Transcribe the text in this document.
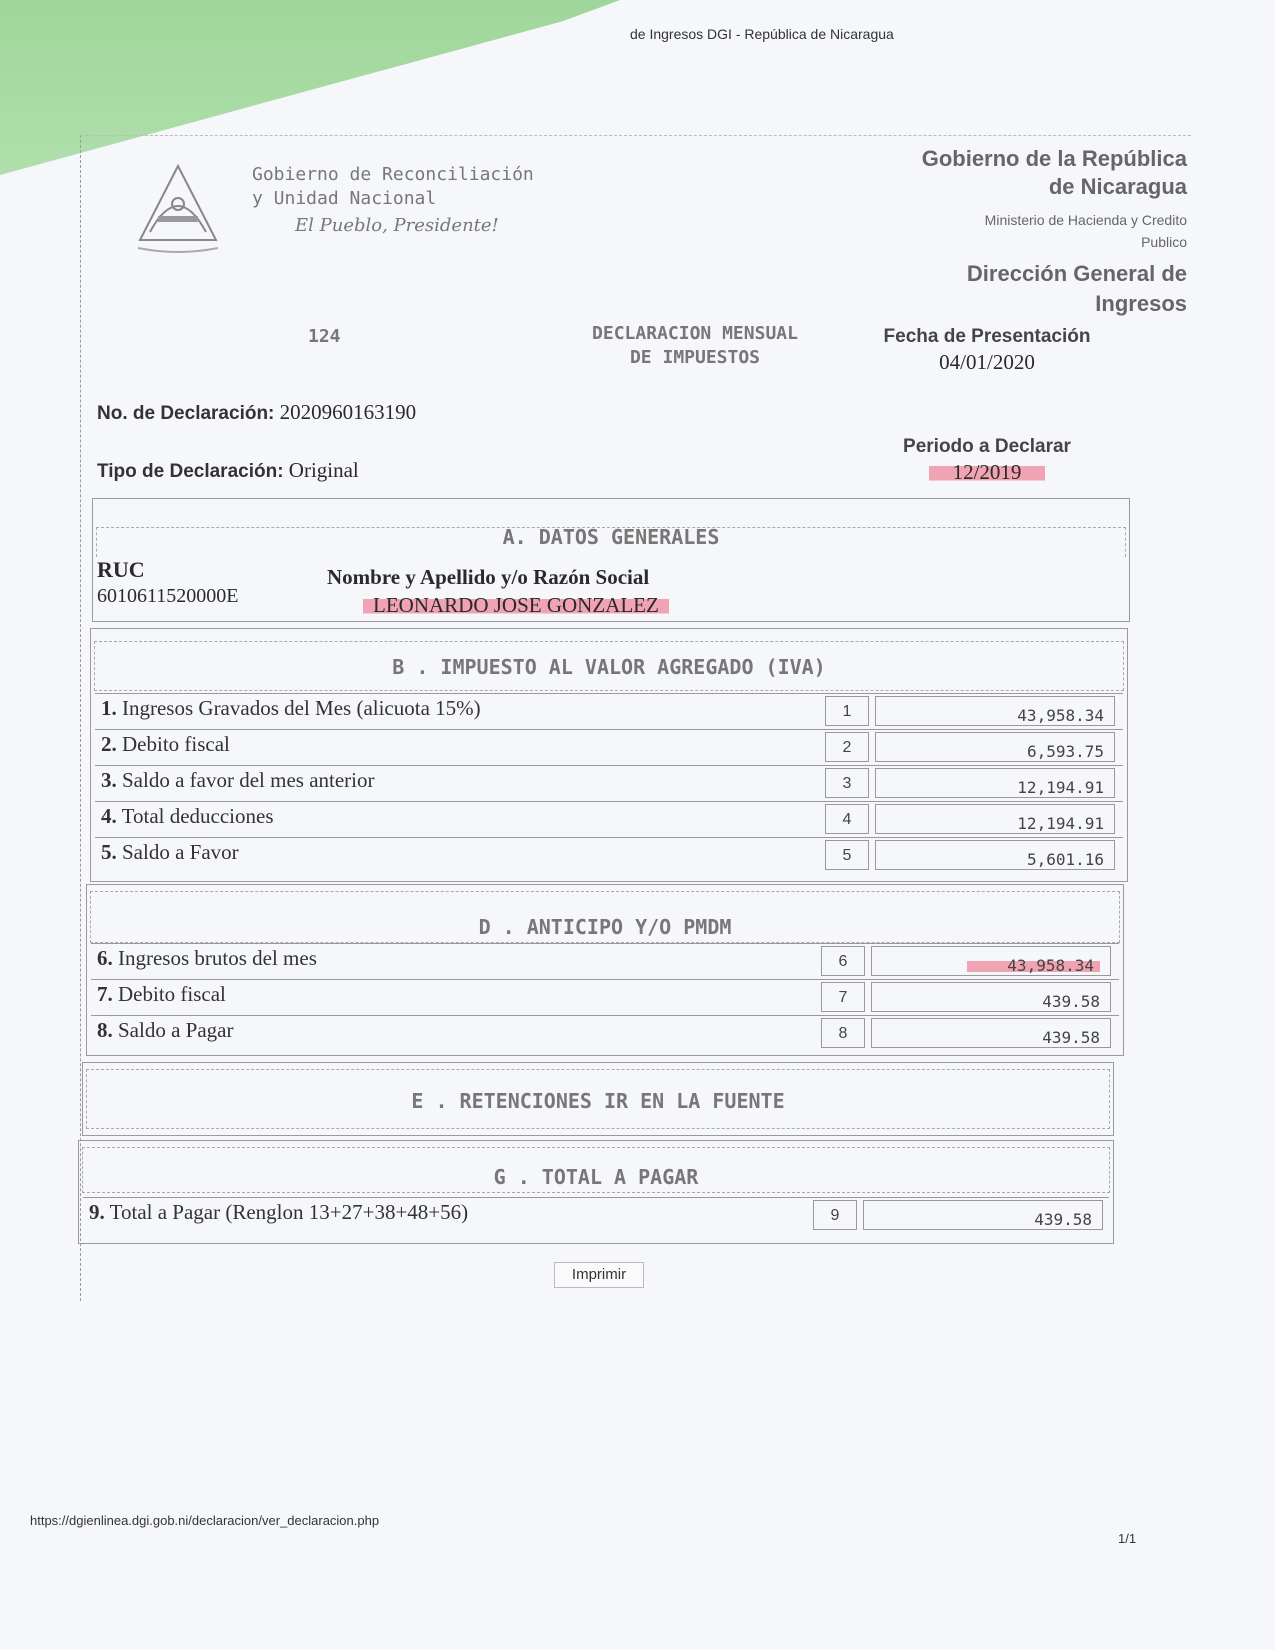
de Ingresos DGI - República de Nicaragua
Gobierno de Reconciliación
y Unidad Nacional
El Pueblo, Presidente!
Gobierno de la República
de Nicaragua
Ministerio de Hacienda y Credito
Publico
Dirección General de
Ingresos
124	DECLARACION MENSUAL
DE IMPUESTOS
Fecha de Presentación
04/01/2020
No. de Declaración: 2020960163190
Periodo a Declarar
12/2019
Tipo de Declaración: Original
A. DATOS GENERALES
RUC
6010611520000E
Nombre y Apellido y/o Razón Social
LEONARDO JOSE GONZALEZ
B . IMPUESTO AL VALOR AGREGADO (IVA)
1. Ingresos Gravados del Mes (alicuota 15%)	1	43,958.34
2. Debito fiscal	2	6,593.75
3. Saldo a favor del mes anterior	3	12,194.91
4. Total deducciones	4	12,194.91
5. Saldo a Favor	5	5,601.16
D . ANTICIPO Y/O PMDM
6. Ingresos brutos del mes	6	43,958.34
7. Debito fiscal	7	439.58
8. Saldo a Pagar	8	439.58
E . RETENCIONES IR EN LA FUENTE
G . TOTAL A PAGAR
9. Total a Pagar (Renglon 13+27+38+48+56)	9	439.58
Imprimir
https://dgienlinea.dgi.gob.ni/declaracion/ver_declaracion.php
1/1
